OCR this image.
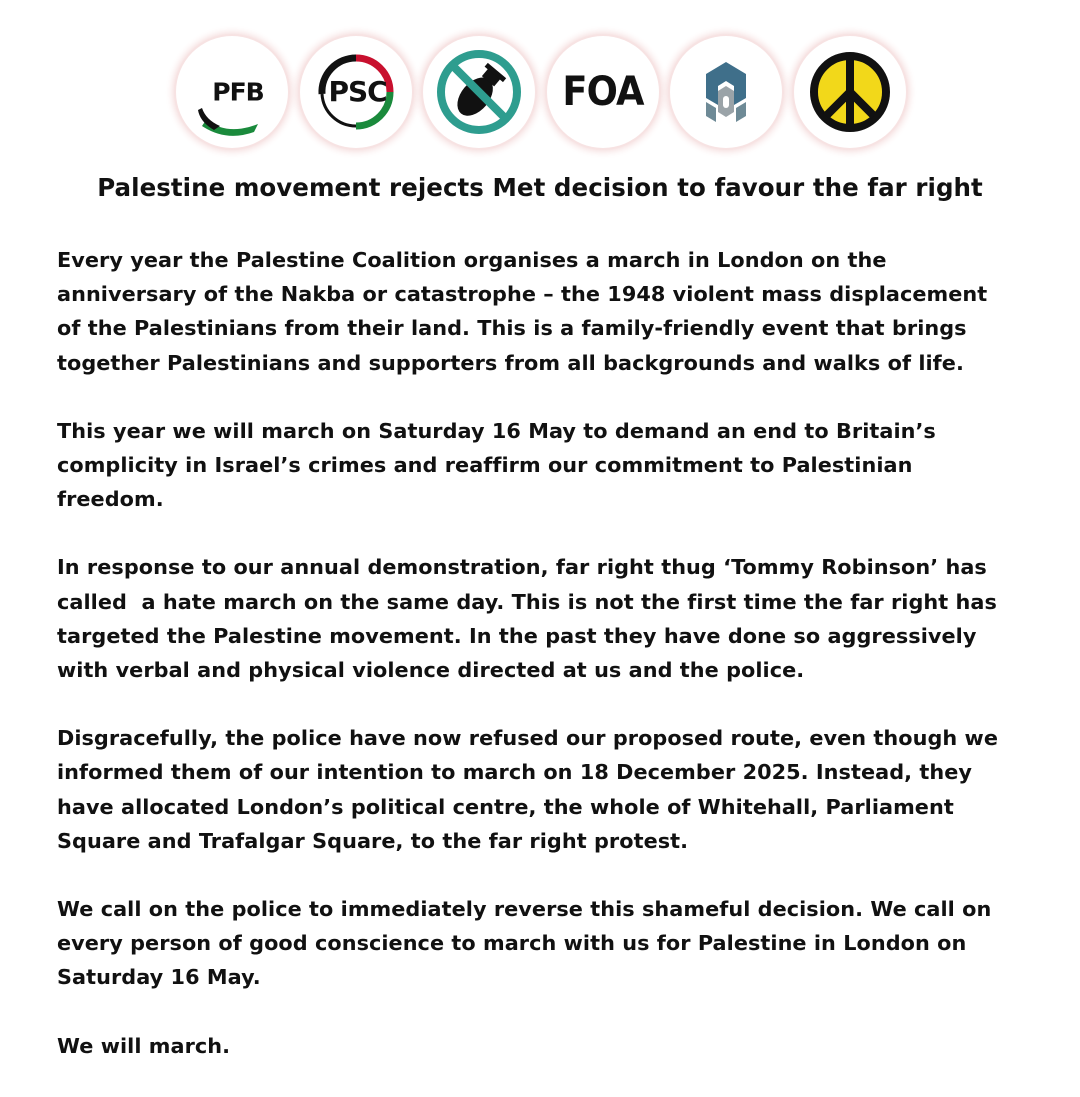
PFB PSC	FOA
Palestine movement rejects Met decision to favour the far right

Every year the Palestine Coalition organises a march in London on the
anniversary of the Nakba or catastrophe – the 1948 violent mass displacement
of the Palestinians from their land. This is a family-friendly event that brings
together Palestinians and supporters from all backgrounds and walks of life.

This year we will march on Saturday 16 May to demand an end to Britain’s
complicity in Israel’s crimes and reaffirm our commitment to Palestinian
freedom.

In response to our annual demonstration, far right thug ‘Tommy Robinson’ has
called  a hate march on the same day. This is not the first time the far right has
targeted the Palestine movement. In the past they have done so aggressively
with verbal and physical violence directed at us and the police.

Disgracefully, the police have now refused our proposed route, even though we
informed them of our intention to march on 18 December 2025. Instead, they
have allocated London’s political centre, the whole of Whitehall, Parliament
Square and Trafalgar Square, to the far right protest.

We call on the police to immediately reverse this shameful decision. We call on
every person of good conscience to march with us for Palestine in London on
Saturday 16 May.

We will march.
